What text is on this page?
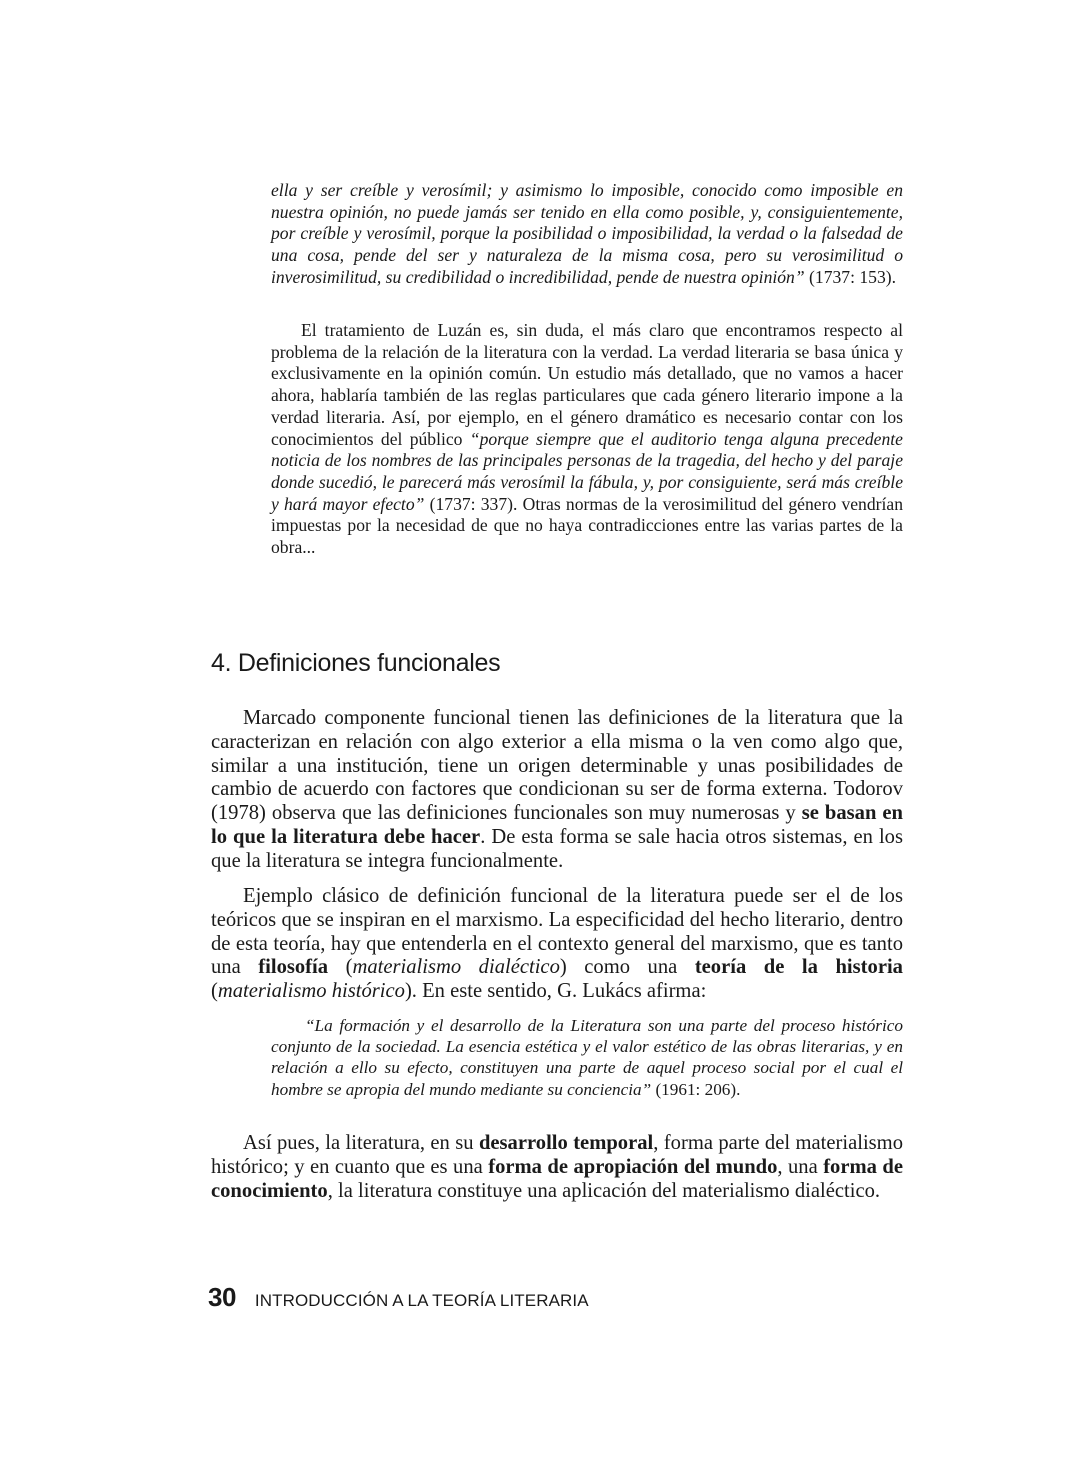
ella y ser creíble y verosímil; y asimismo lo imposible, conocido como imposible en nuestra opinión, no puede jamás ser tenido en ella como posible, y, consiguientemente, por creíble y verosímil, porque la posibilidad o imposibilidad, la verdad o la falsedad de una cosa, pende del ser y naturaleza de la misma cosa, pero su verosimilitud o inverosimilitud, su credibilidad o incredibilidad, pende de nuestra opinión” (1737: 153).

El tratamiento de Luzán es, sin duda, el más claro que encontramos respecto al problema de la relación de la literatura con la verdad. La verdad literaria se basa única y exclusivamente en la opinión común. Un estudio más detallado, que no vamos a hacer ahora, hablaría también de las reglas particulares que cada género literario impone a la verdad literaria. Así, por ejemplo, en el género dramático es necesario contar con los conocimientos del público “porque siempre que el auditorio tenga alguna precedente noticia de los nombres de las principales personas de la tragedia, del hecho y del paraje donde sucedió, le parecerá más verosímil la fábula, y, por consiguiente, será más creíble y hará mayor efecto” (1737: 337). Otras normas de la verosimilitud del género vendrían impuestas por la necesidad de que no haya contradicciones entre las varias partes de la obra...

4. Definiciones funcionales

Marcado componente funcional tienen las definiciones de la literatura que la caracterizan en relación con algo exterior a ella misma o la ven como algo que, similar a una institución, tiene un origen determinable y unas posibilidades de cambio de acuerdo con factores que condicionan su ser de forma externa. Todorov (1978) observa que las definiciones funcionales son muy numerosas y se basan en lo que la literatura debe hacer. De esta forma se sale hacia otros sistemas, en los que la literatura se integra funcionalmente.

Ejemplo clásico de definición funcional de la literatura puede ser el de los teóricos que se inspiran en el marxismo. La especificidad del hecho literario, dentro de esta teoría, hay que entenderla en el contexto general del marxismo, que es tanto una filosofía (materialismo dialéctico) como una teoría de la historia (materialismo histórico). En este sentido, G. Lukács afirma:

“La formación y el desarrollo de la Literatura son una parte del proceso histórico conjunto de la sociedad. La esencia estética y el valor estético de las obras literarias, y en relación a ello su efecto, constituyen una parte de aquel proceso social por el cual el hombre se apropia del mundo mediante su conciencia” (1961: 206).

Así pues, la literatura, en su desarrollo temporal, forma parte del materialismo histórico; y en cuanto que es una forma de apropiación del mundo, una forma de conocimiento, la literatura constituye una aplicación del materialismo dialéctico.

30 INTRODUCCIÓN A LA TEORÍA LITERARIA
